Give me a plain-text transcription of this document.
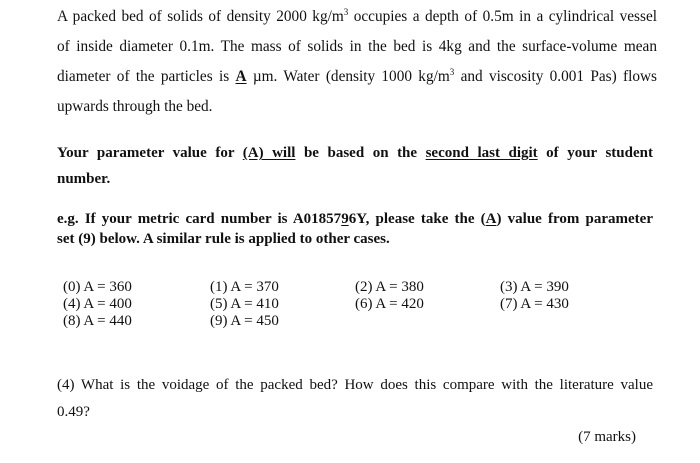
A packed bed of solids of density 2000 $kg/m^3$ occupies a depth of 0.5m in a cylindrical vessel
of inside diameter 0.1m. The mass of solids in the bed is 4kg and the surface-volume mean
diameter of the particles is A µm. Water (density 1000 $kg/m^3$ and viscosity 0.001 Pas) flows
upwards through the bed.
Your parameter value for (A) will be based on the second last digit of your student
number.
e.g. If your metric card number is A0185796Y, please take the (A) value from parameter
set (9) below. A similar rule is applied to other cases.
(0) A = 360
(4) A = 400
(8) A = 440
(1) A = 370
(5) A = 410
(9) A = 450
(2) A = 380
(6) A = 420
(3) A = 390
(7) A = 430
(4) What is the voidage of the packed bed? How does this compare with the literature value
0.49?
(7 marks)
